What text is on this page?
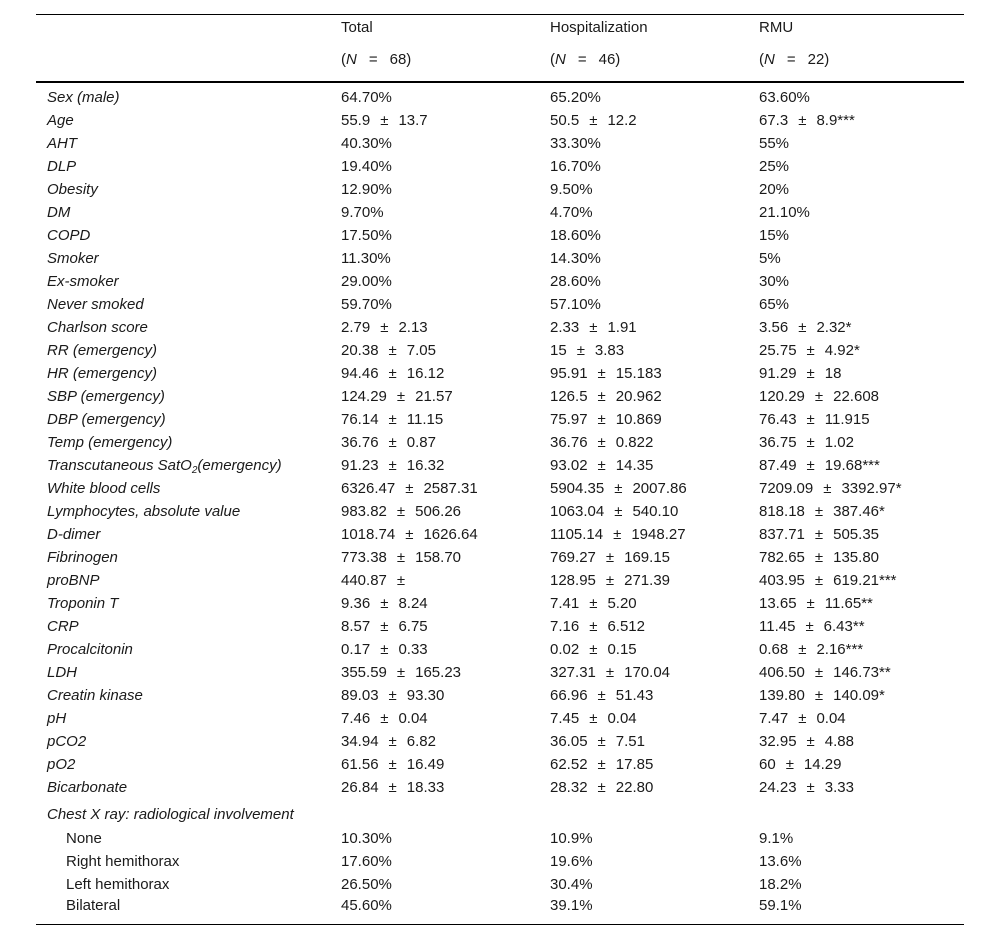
	Total	Hospitalization	RMU
	(N = 68)	(N = 46)	(N = 22)
Sex (male)	64.70%	65.20%	63.60%
Age	55.9 ± 13.7	50.5 ± 12.2	67.3 ± 8.9***
AHT	40.30%	33.30%	55%
DLP	19.40%	16.70%	25%
Obesity	12.90%	9.50%	20%
DM	9.70%	4.70%	21.10%
COPD	17.50%	18.60%	15%
Smoker	11.30%	14.30%	5%
Ex-smoker	29.00%	28.60%	30%
Never smoked	59.70%	57.10%	65%
Charlson score	2.79 ± 2.13	2.33 ± 1.91	3.56 ± 2.32*
RR (emergency)	20.38 ± 7.05	15 ± 3.83	25.75 ± 4.92*
HR (emergency)	94.46 ± 16.12	95.91 ± 15.183	91.29 ± 18
SBP (emergency)	124.29 ± 21.57	126.5 ± 20.962	120.29 ± 22.608
DBP (emergency)	76.14 ± 11.15	75.97 ± 10.869	76.43 ± 11.915
Temp (emergency)	36.76 ± 0.87	36.76 ± 0.822	36.75 ± 1.02
Transcutaneous SatO$_2$(emergency)	91.23 ± 16.32	93.02 ± 14.35	87.49 ± 19.68***
White blood cells	6326.47 ± 2587.31	5904.35 ± 2007.86	7209.09 ± 3392.97*
Lymphocytes, absolute value	983.82 ± 506.26	1063.04 ± 540.10	818.18 ± 387.46*
D-dimer	1018.74 ± 1626.64	1105.14 ± 1948.27	837.71 ± 505.35
Fibrinogen	773.38 ± 158.70	769.27 ± 169.15	782.65 ± 135.80
proBNP	440.87 ±	128.95 ± 271.39	403.95 ± 619.21***
Troponin T	9.36 ± 8.24	7.41 ± 5.20	13.65 ± 11.65**
CRP	8.57 ± 6.75	7.16 ± 6.512	11.45 ± 6.43**
Procalcitonin	0.17 ± 0.33	0.02 ± 0.15	0.68 ± 2.16***
LDH	355.59 ± 165.23	327.31 ± 170.04	406.50 ± 146.73**
Creatin kinase	89.03 ± 93.30	66.96 ± 51.43	139.80 ± 140.09*
pH	7.46 ± 0.04	7.45 ± 0.04	7.47 ± 0.04
pCO2	34.94 ± 6.82	36.05 ± 7.51	32.95 ± 4.88
pO2	61.56 ± 16.49	62.52 ± 17.85	60 ± 14.29
Bicarbonate	26.84 ± 18.33	28.32 ± 22.80	24.23 ± 3.33
Chest X ray: radiological involvement			
None	10.30%	10.9%	9.1%
Right hemithorax	17.60%	19.6%	13.6%
Left hemithorax	26.50%	30.4%	18.2%
Bilateral	45.60%	39.1%	59.1%
